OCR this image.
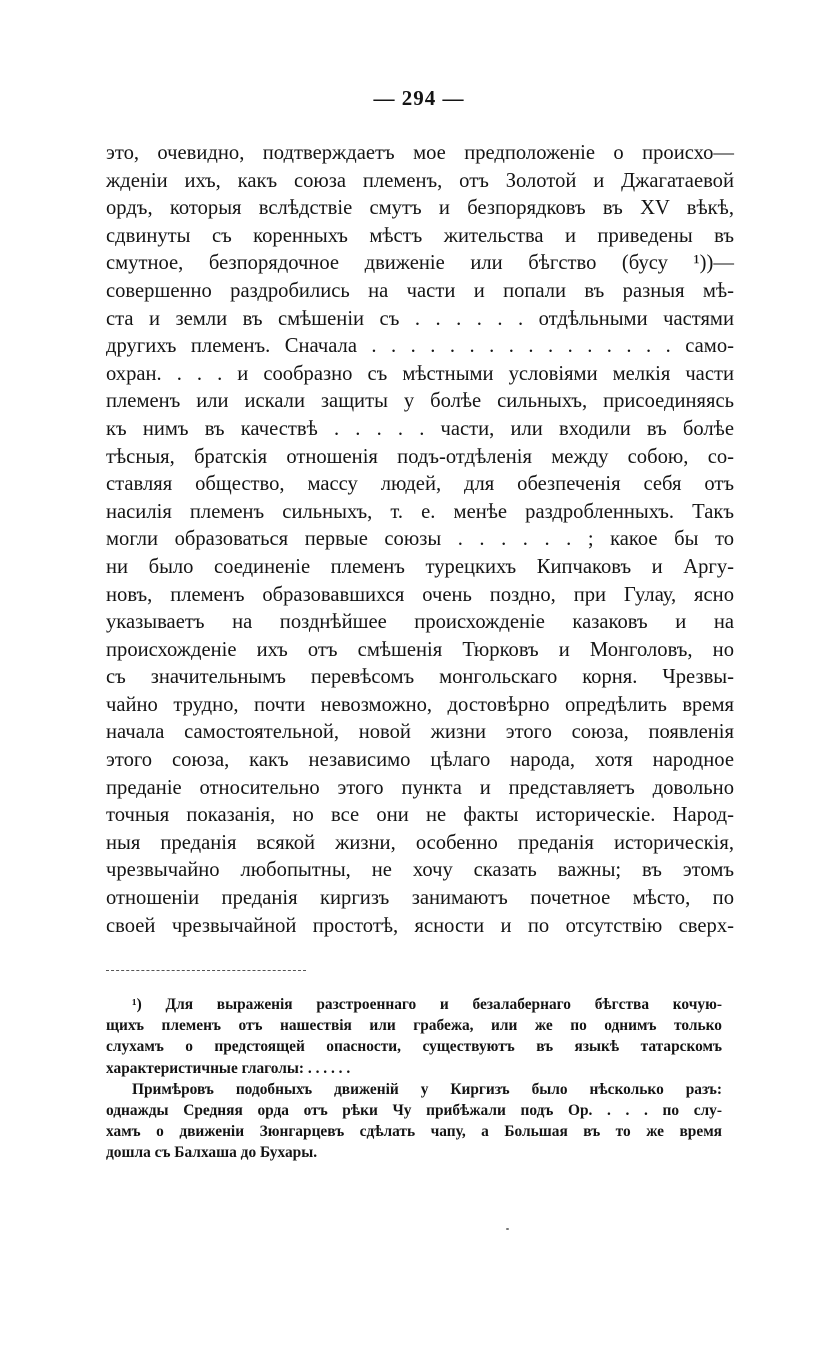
— 294 —
это, очевидно, подтверждаетъ мое предположеніе о происхо—
жденіи ихъ, какъ союза племенъ, отъ Золотой и Джагатаевой
ордъ, которыя вслѣдствіе смутъ и безпорядковъ въ XV вѣкѣ,
сдвинуты съ коренныхъ мѣстъ жительства и приведены въ
смутное, безпорядочное движеніе или бѣгство (бусу ¹))—
совершенно раздробились на части и попали въ разныя мѣ-
ста и земли въ смѣшеніи съ . . . . . . отдѣльными частями
другихъ племенъ. Сначала . . . . . . . . . . . . . . . . само-
охран. . . . и сообразно съ мѣстными условіями мелкія части
племенъ или искали защиты у болѣе сильныхъ, присоединяясь
къ нимъ въ качествѣ . . . . . части, или входили въ болѣе
тѣсныя, братскія отношенія подъ-отдѣленія между собою, со-
ставляя общество, массу людей, для обезпеченія себя отъ
насилія племенъ сильныхъ, т. е. менѣе раздробленныхъ. Такъ
могли образоваться первые союзы . . . . . . ; какое бы то
ни было соединеніе племенъ турецкихъ Кипчаковъ и Аргу-
новъ, племенъ образовавшихся очень поздно, при Гулау, ясно
указываетъ на позднѣйшее происхожденіе казаковъ и на
происхожденіе ихъ отъ смѣшенія Тюрковъ и Монголовъ, но
съ значительнымъ перевѣсомъ монгольскаго корня. Чрезвы-
чайно трудно, почти невозможно, достовѣрно опредѣлить время
начала самостоятельной, новой жизни этого союза, появленія
этого союза, какъ независимо цѣлаго народа, хотя народное
преданіе относительно этого пункта и представляетъ довольно
точныя показанія, но все они не факты историческіе. Народ-
ныя преданія всякой жизни, особенно преданія историческія,
чрезвычайно любопытны, не хочу сказать важны; въ этомъ
отношеніи преданія киргизъ занимаютъ почетное мѣсто, по
своей чрезвычайной простотѣ, ясности и по отсутствію сверх-
¹) Для выраженія разстроеннаго и безалабернаго бѣгства кочую-
щихъ племенъ отъ нашествія или грабежа, или же по однимъ только
слухамъ о предстоящей опасности, существуютъ въ языкѣ татарскомъ
характеристичные глаголы: . . . . . .
Примѣровъ подобныхъ движеній у Киргизъ было нѣсколько разъ:
однажды Средняя орда отъ рѣки Чу прибѣжали подъ Ор. . . . по слу-
хамъ о движеніи Зюнгарцевъ сдѣлать чапу, а Большая въ то же время
дошла съ Балхаша до Бухары.
